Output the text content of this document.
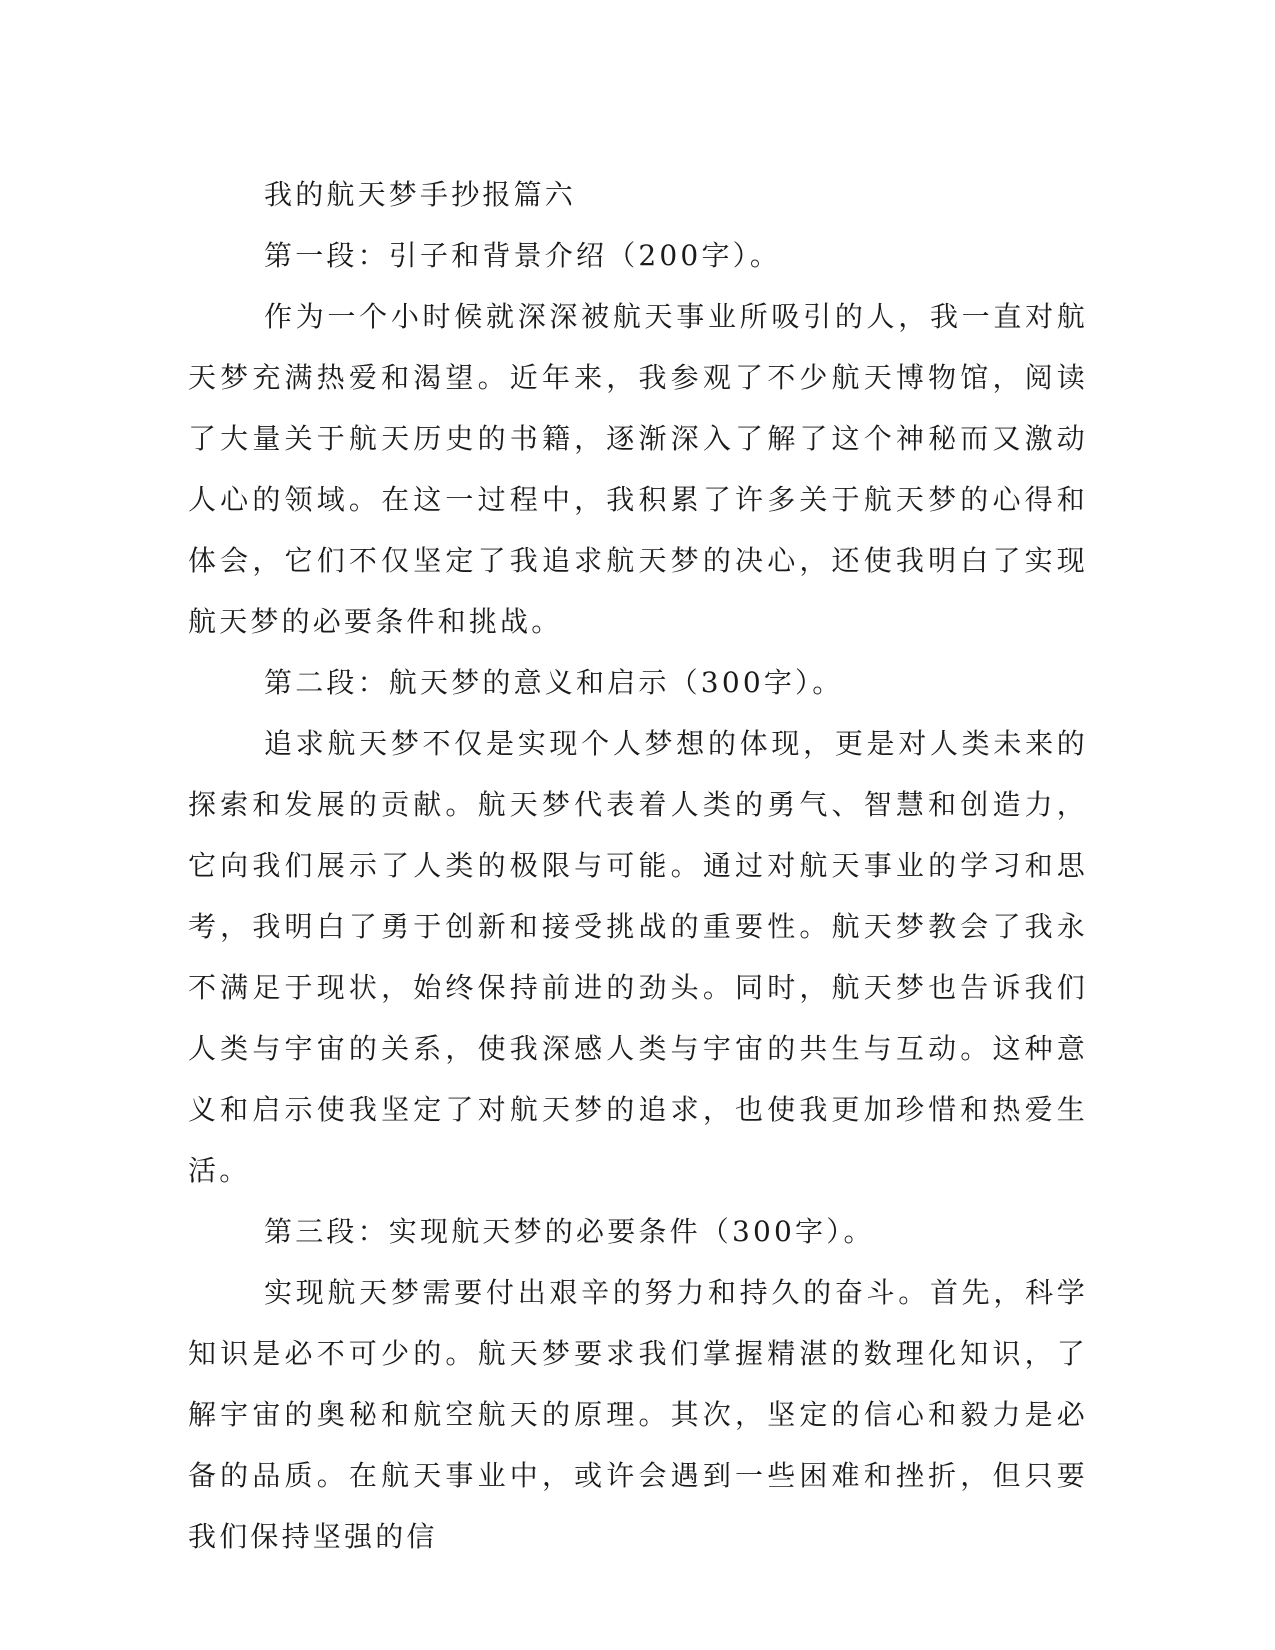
我的航天梦手抄报篇六

第一段：引子和背景介绍（200字）。

作为一个小时候就深深被航天事业所吸引的人，我一直对航天梦充满热爱和渴望。近年来，我参观了不少航天博物馆，阅读了大量关于航天历史的书籍，逐渐深入了解了这个神秘而又激动人心的领域。在这一过程中，我积累了许多关于航天梦的心得和体会，它们不仅坚定了我追求航天梦的决心，还使我明白了实现航天梦的必要条件和挑战。

第二段：航天梦的意义和启示（300字）。

追求航天梦不仅是实现个人梦想的体现，更是对人类未来的探索和发展的贡献。航天梦代表着人类的勇气、智慧和创造力，它向我们展示了人类的极限与可能。通过对航天事业的学习和思考，我明白了勇于创新和接受挑战的重要性。航天梦教会了我永不满足于现状，始终保持前进的劲头。同时，航天梦也告诉我们人类与宇宙的关系，使我深感人类与宇宙的共生与互动。这种意义和启示使我坚定了对航天梦的追求，也使我更加珍惜和热爱生活。

第三段：实现航天梦的必要条件（300字）。

实现航天梦需要付出艰辛的努力和持久的奋斗。首先，科学知识是必不可少的。航天梦要求我们掌握精湛的数理化知识，了解宇宙的奥秘和航空航天的原理。其次，坚定的信心和毅力是必备的品质。在航天事业中，或许会遇到一些困难和挫折，但只要我们保持坚强的信
